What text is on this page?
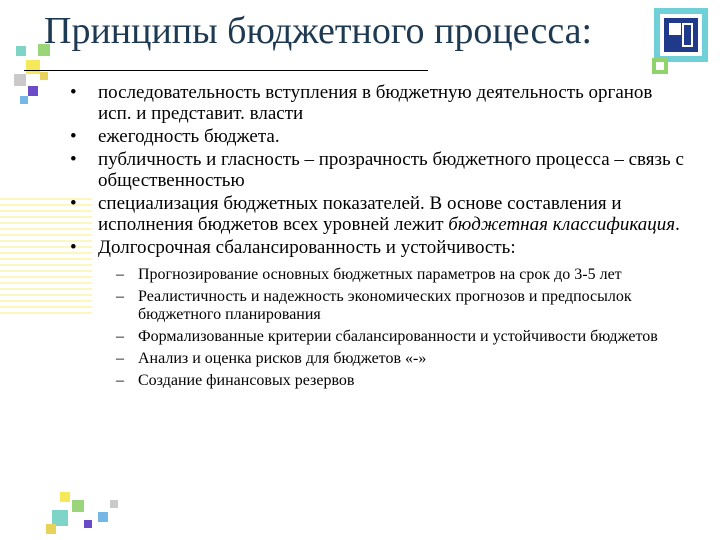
Принципы бюджетного процесса:
• последовательность вступления в бюджетную деятельность органов исп. и представит. власти
• ежегодность бюджета.
• публичность и гласность – прозрачность бюджетного процесса – связь с общественностью
• специализация бюджетных показателей. В основе составления и исполнения бюджетов всех уровней лежит бюджетная классификация.
• Долгосрочная сбалансированность и устойчивость:
– Прогнозирование основных бюджетных параметров на срок до 3-5 лет
– Реалистичность и надежность экономических прогнозов и предпосылок бюджетного планирования
– Формализованные критерии сбалансированности и устойчивости бюджетов
– Анализ и оценка рисков для бюджетов «-»
– Создание финансовых резервов
